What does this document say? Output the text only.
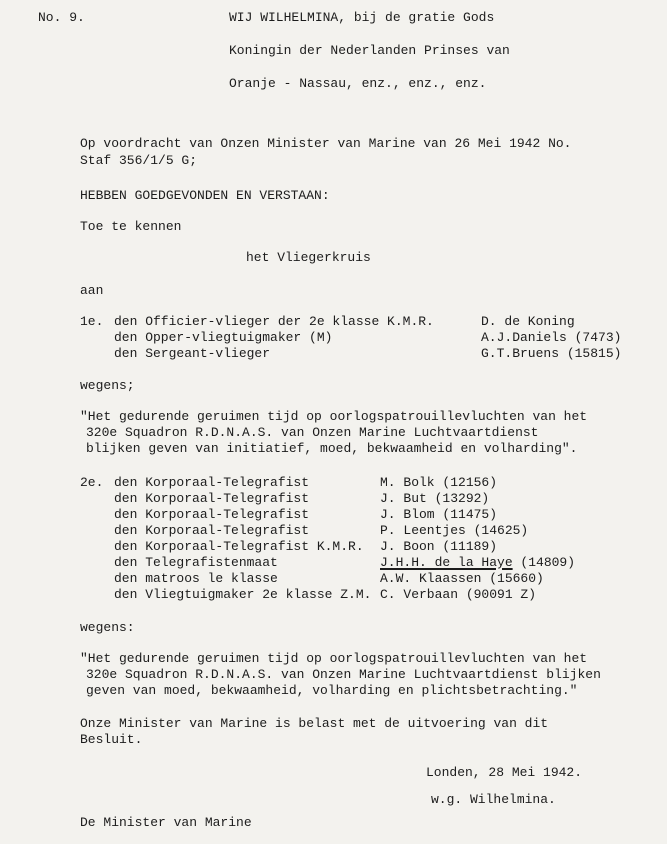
No. 9.	WIJ WILHELMINA, bij de gratie Gods
Koningin der Nederlanden Prinses van
Oranje - Nassau, enz., enz., enz.
Op voordracht van Onzen Minister van Marine van 26 Mei 1942 No.
Staf 356/1/5 G;
HEBBEN GOEDGEVONDEN EN VERSTAAN:
Toe te kennen
het Vliegerkruis
aan
1e. den Officier-vlieger der 2e klasse K.M.R.	D. de Koning
den Opper-vliegtuigmaker (M)	A.J.Daniels (7473)
den Sergeant-vlieger	G.T.Bruens (15815)
wegens;
"Het gedurende geruimen tijd op oorlogspatrouillevluchten van het
320e Squadron R.D.N.A.S. van Onzen Marine Luchtvaartdienst
blijken geven van initiatief, moed, bekwaamheid en volharding".
2e. den Korporaal-Telegrafist	M. Bolk (12156)
den Korporaal-Telegrafist	J. But (13292)
den Korporaal-Telegrafist	J. Blom (11475)
den Korporaal-Telegrafist	P. Leentjes (14625)
den Korporaal-Telegrafist K.M.R. J. Boon (11189)
den Telegrafistenmaat	J.H.H. de la Haye (14809)
den matroos le klasse	A.W. Klaassen (15660)
den Vliegtuigmaker 2e klasse Z.M. C. Verbaan (90091 Z)
wegens:
"Het gedurende geruimen tijd op oorlogspatrouillevluchten van het
320e Squadron R.D.N.A.S. van Onzen Marine Luchtvaartdienst blijken
geven van moed, bekwaamheid, volharding en plichtsbetrachting."
Onze Minister van Marine is belast met de uitvoering van dit
Besluit.
Londen, 28 Mei 1942.
w.g. Wilhelmina.
De Minister van Marine
